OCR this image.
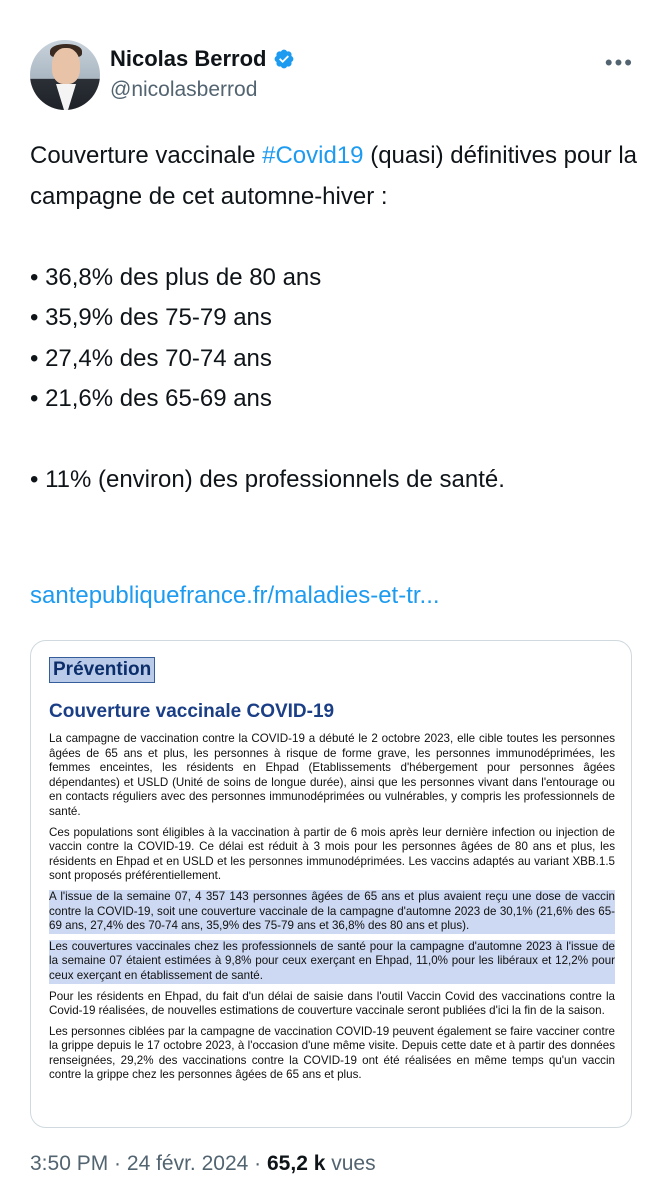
Nicolas Berrod
@nicolasberrod
•••

Couverture vaccinale #Covid19 (quasi) définitives pour la campagne de cet automne-hiver :

• 36,8% des plus de 80 ans

• 35,9% des 75-79 ans

• 27,4% des 70-74 ans

• 21,6% des 65-69 ans

• 11% (environ) des professionnels de santé.

santepubliquefrance.fr/maladies-et-tr...
Prévention
Couverture vaccinale COVID-19
La campagne de vaccination contre la COVID-19 a débuté le 2 octobre 2023, elle cible toutes les personnes âgées de 65 ans et plus, les personnes à risque de forme grave, les personnes immunodéprimées, les femmes enceintes, les résidents en Ehpad (Etablissements d'hébergement pour personnes âgées dépendantes) et USLD (Unité de soins de longue durée), ainsi que les personnes vivant dans l'entourage ou en contacts réguliers avec des personnes immunodéprimées ou vulnérables, y compris les professionnels de santé.
Ces populations sont éligibles à la vaccination à partir de 6 mois après leur dernière infection ou injection de vaccin contre la COVID-19. Ce délai est réduit à 3 mois pour les personnes âgées de 80 ans et plus, les résidents en Ehpad et en USLD et les personnes immunodéprimées. Les vaccins adaptés au variant XBB.1.5 sont proposés préférentiellement.
A l'issue de la semaine 07, 4 357 143 personnes âgées de 65 ans et plus avaient reçu une dose de vaccin contre la COVID-19, soit une couverture vaccinale de la campagne d'automne 2023 de 30,1% (21,6% des 65-69 ans, 27,4% des 70-74 ans, 35,9% des 75-79 ans et 36,8% des 80 ans et plus).
Les couvertures vaccinales chez les professionnels de santé pour la campagne d'automne 2023 à l'issue de la semaine 07 étaient estimées à 9,8% pour ceux exerçant en Ehpad, 11,0% pour les libéraux et 12,2% pour ceux exerçant en établissement de santé.
Pour les résidents en Ehpad, du fait d'un délai de saisie dans l'outil Vaccin Covid des vaccinations contre la Covid-19 réalisées, de nouvelles estimations de couverture vaccinale seront publiées d'ici la fin de la saison.
Les personnes ciblées par la campagne de vaccination COVID-19 peuvent également se faire vacciner contre la grippe depuis le 17 octobre 2023, à l'occasion d'une même visite. Depuis cette date et à partir des données renseignées, 29,2% des vaccinations contre la COVID-19 ont été réalisées en même temps qu'un vaccin contre la grippe chez les personnes âgées de 65 ans et plus.
3:50 PM · 24 févr. 2024 · 65,2 k vues
